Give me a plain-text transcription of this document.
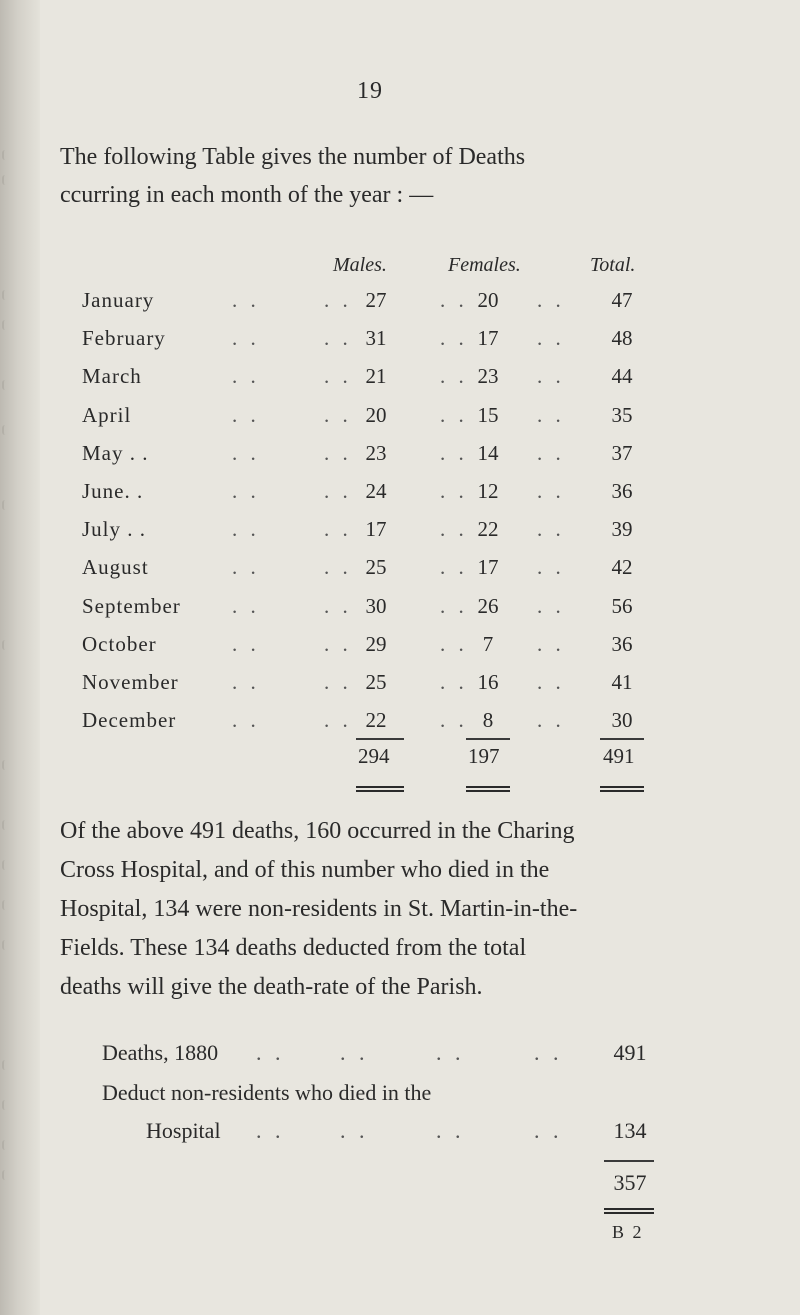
19

The following Table gives the number of Deaths

ccurring in each month of the year : —

Males.	Females.	Total.
January	. .	. . 27	. . 20	. .	47
February	. .	. . 31	. . 17	. .	48
March	. .	. . 21	. . 23	. .	44
April	. .	. . 20	. . 15	. .	35
May . .	. .	. . 23	. . 14	. .	37
June. .	. .	. . 24	. . 12	. .	36
July . .	. .	. . 17	. . 22	. .	39
August	. .	. . 25	. . 17	. .	42
September . .	. . 30	. . 26	. .	56
October	. .	. . 29	. . 7	. .	36
November	. .	. . 25	. . 16	. .	41
December	. .	. . 22	. . 8	. .	30
294	197	491

Of the above 491 deaths, 160 occurred in the Charing

Cross Hospital, and of this number who died in the

Hospital, 134 were non-residents in St. Martin-in-the-

Fields. These 134 deaths deducted from the total

deaths will give the death-rate of the Parish.

Deaths, 1880 . .	. .	. .	. .	491
Deduct non-residents who died in the
Hospital . .	. .	. .	. .	134
357
B 2
